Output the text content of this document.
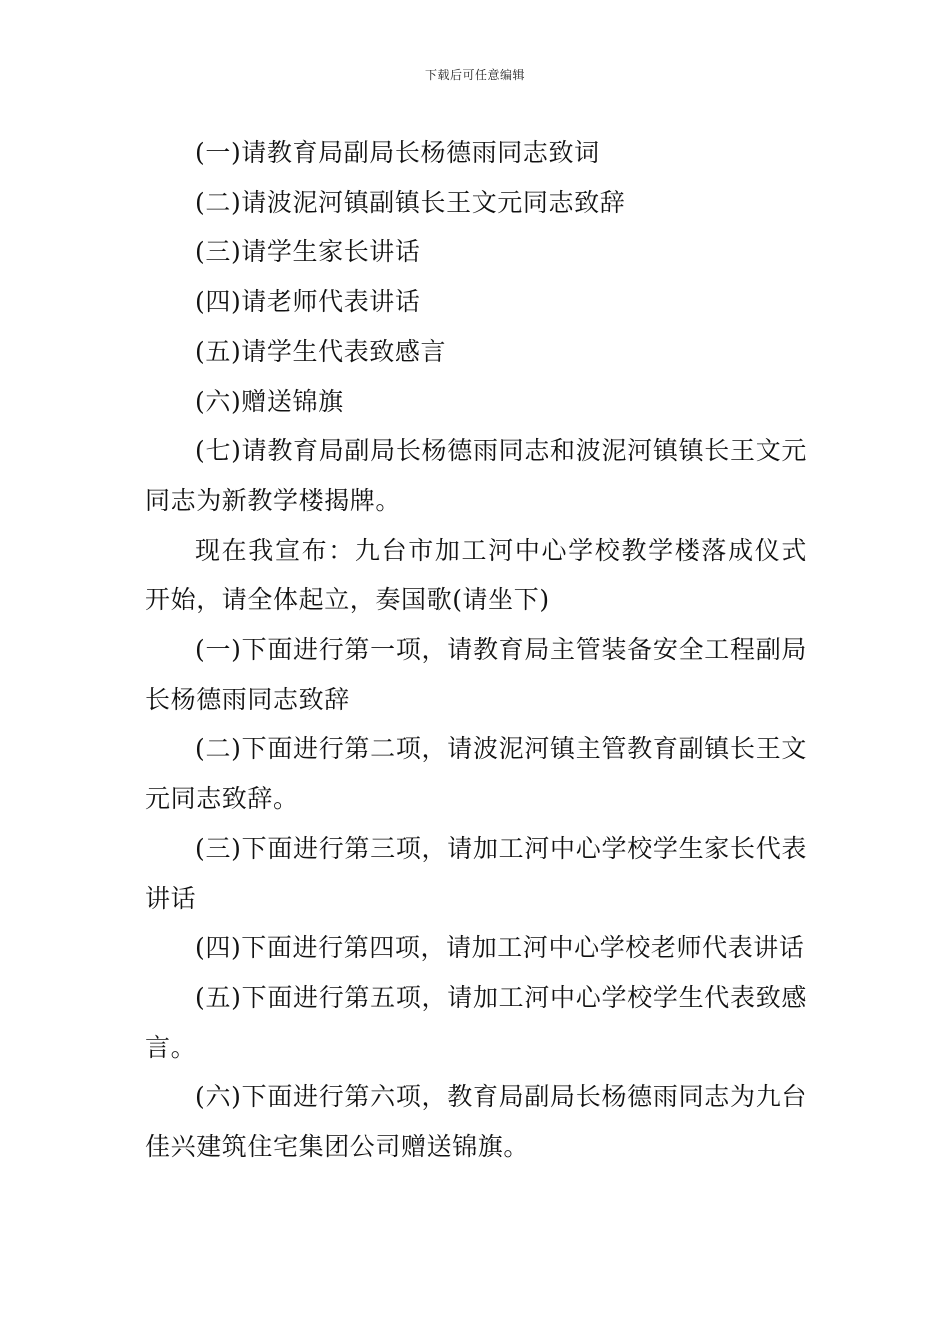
下载后可任意编辑

(一)请教育局副局长杨德雨同志致词

(二)请波泥河镇副镇长王文元同志致辞

(三)请学生家长讲话

(四)请老师代表讲话

(五)请学生代表致感言

(六)赠送锦旗

(七)请教育局副局长杨德雨同志和波泥河镇镇长王文元同志为新教学楼揭牌。

现在我宣布：九台市加工河中心学校教学楼落成仪式开始，请全体起立，奏国歌(请坐下)

(一)下面进行第一项，请教育局主管装备安全工程副局长杨德雨同志致辞

(二)下面进行第二项，请波泥河镇主管教育副镇长王文元同志致辞。

(三)下面进行第三项，请加工河中心学校学生家长代表讲话

(四)下面进行第四项，请加工河中心学校老师代表讲话

(五)下面进行第五项，请加工河中心学校学生代表致感言。

(六)下面进行第六项，教育局副局长杨德雨同志为九台佳兴建筑住宅集团公司赠送锦旗。
